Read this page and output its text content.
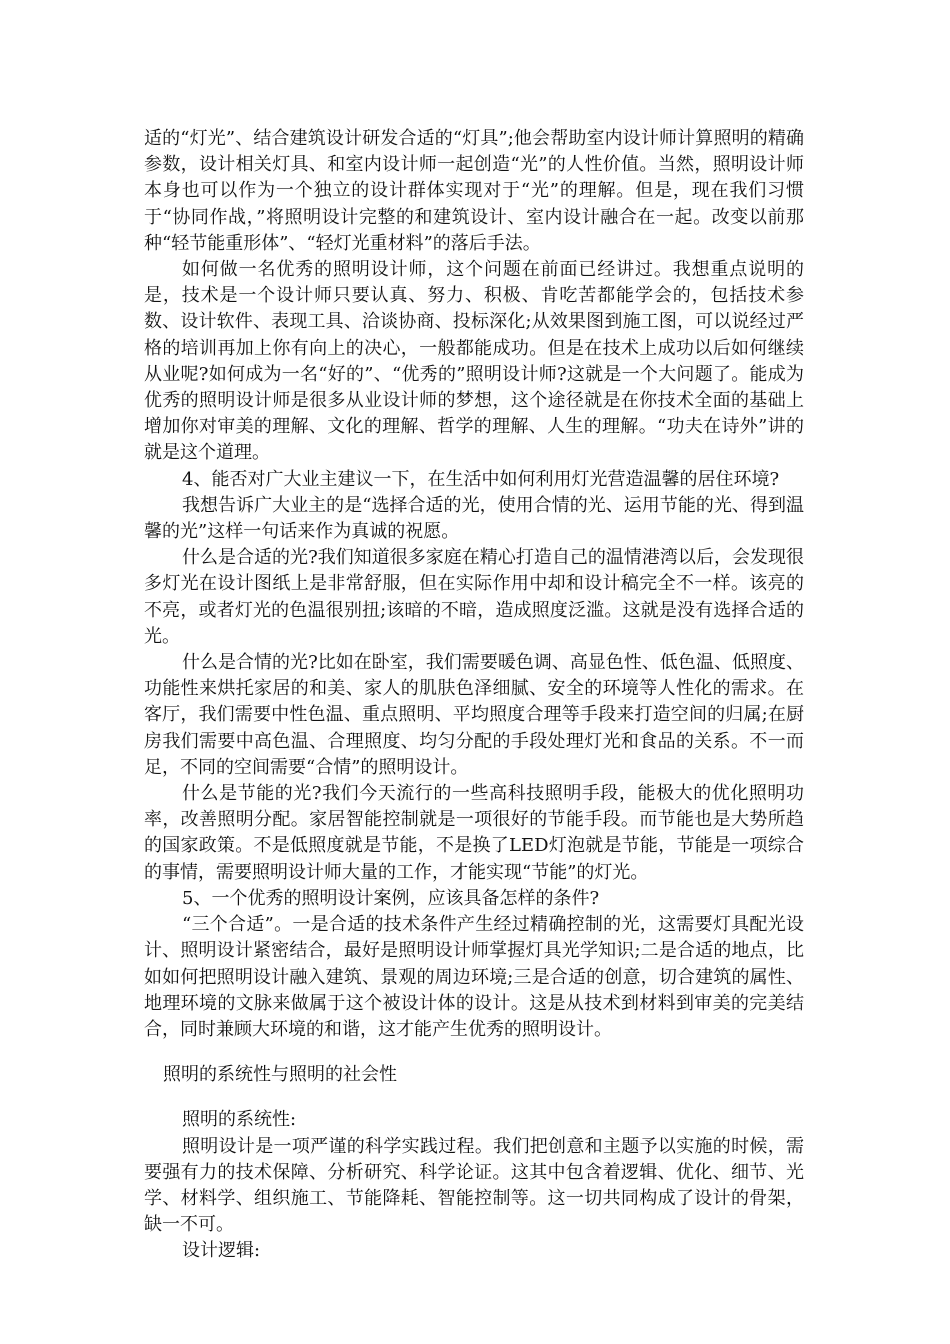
适的“灯光”、结合建筑设计研发合适的“灯具”;他会帮助室内设计师计算照明的精确参数，设计相关灯具、和室内设计师一起创造“光”的人性价值。当然，照明设计师本身也可以作为一个独立的设计群体实现对于“光”的理解。但是，现在我们习惯于“协同作战，”将照明设计完整的和建筑设计、室内设计融合在一起。改变以前那种“轻节能重形体”、“轻灯光重材料”的落后手法。

如何做一名优秀的照明设计师，这个问题在前面已经讲过。我想重点说明的是，技术是一个设计师只要认真、努力、积极、肯吃苦都能学会的，包括技术参数、设计软件、表现工具、洽谈协商、投标深化;从效果图到施工图，可以说经过严格的培训再加上你有向上的决心，一般都能成功。但是在技术上成功以后如何继续从业呢?如何成为一名“好的”、“优秀的”照明设计师?这就是一个大问题了。能成为优秀的照明设计师是很多从业设计师的梦想，这个途径就是在你技术全面的基础上增加你对审美的理解、文化的理解、哲学的理解、人生的理解。“功夫在诗外”讲的就是这个道理。

4、能否对广大业主建议一下，在生活中如何利用灯光营造温馨的居住环境?

我想告诉广大业主的是“选择合适的光，使用合情的光、运用节能的光、得到温馨的光”这样一句话来作为真诚的祝愿。

什么是合适的光?我们知道很多家庭在精心打造自己的温情港湾以后，会发现很多灯光在设计图纸上是非常舒服，但在实际作用中却和设计稿完全不一样。该亮的不亮，或者灯光的色温很别扭;该暗的不暗，造成照度泛滥。这就是没有选择合适的光。

什么是合情的光?比如在卧室，我们需要暖色调、高显色性、低色温、低照度、功能性来烘托家居的和美、家人的肌肤色泽细腻、安全的环境等人性化的需求。在客厅，我们需要中性色温、重点照明、平均照度合理等手段来打造空间的归属;在厨房我们需要中高色温、合理照度、均匀分配的手段处理灯光和食品的关系。不一而足，不同的空间需要“合情”的照明设计。

什么是节能的光?我们今天流行的一些高科技照明手段，能极大的优化照明功率，改善照明分配。家居智能控制就是一项很好的节能手段。而节能也是大势所趋的国家政策。不是低照度就是节能，不是换了LED灯泡就是节能，节能是一项综合的事情，需要照明设计师大量的工作，才能实现“节能”的灯光。

5、一个优秀的照明设计案例，应该具备怎样的条件?

“三个合适”。一是合适的技术条件产生经过精确控制的光，这需要灯具配光设计、照明设计紧密结合，最好是照明设计师掌握灯具光学知识;二是合适的地点，比如如何把照明设计融入建筑、景观的周边环境;三是合适的创意，切合建筑的属性、地理环境的文脉来做属于这个被设计体的设计。这是从技术到材料到审美的完美结合，同时兼顾大环境的和谐，这才能产生优秀的照明设计。

照明的系统性与照明的社会性

照明的系统性:

照明设计是一项严谨的科学实践过程。我们把创意和主题予以实施的时候，需要强有力的技术保障、分析研究、科学论证。这其中包含着逻辑、优化、细节、光学、材料学、组织施工、节能降耗、智能控制等。这一切共同构成了设计的骨架，缺一不可。

设计逻辑:
